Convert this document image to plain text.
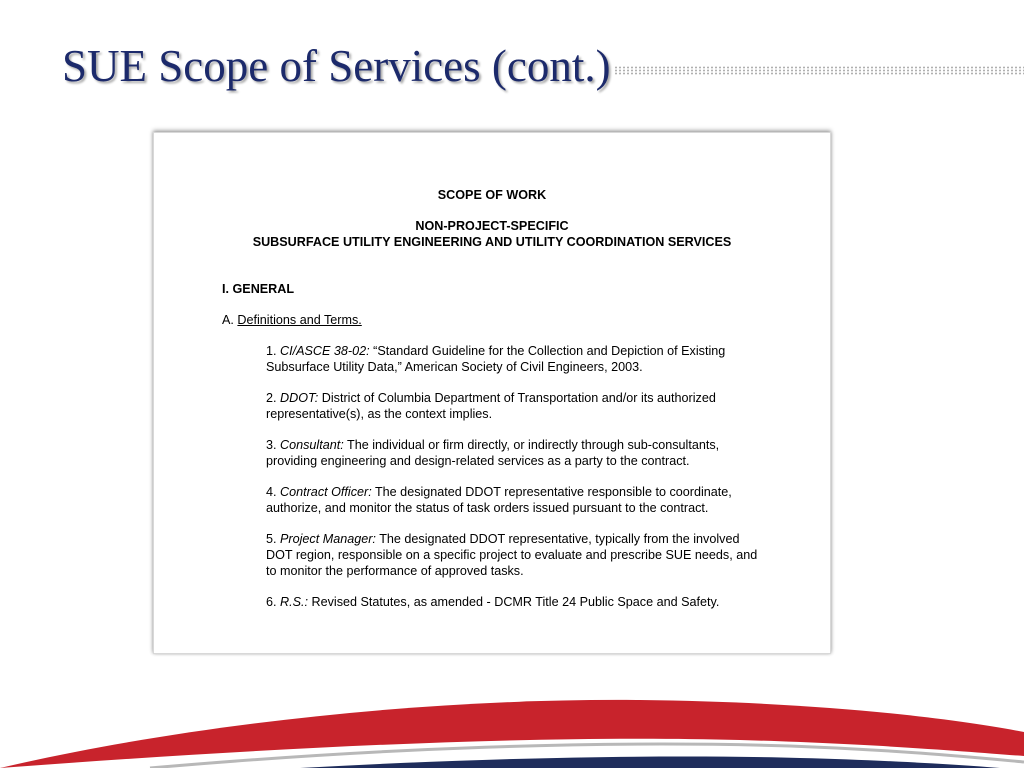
SUE Scope of Services (cont.)
SCOPE OF WORK
NON-PROJECT-SPECIFIC
SUBSURFACE UTILITY ENGINEERING AND UTILITY COORDINATION SERVICES
I. GENERAL
A. Definitions and Terms.
1. CI/ASCE 38-02: “Standard Guideline for the Collection and Depiction of Existing Subsurface Utility Data,” American Society of Civil Engineers, 2003.
2. DDOT: District of Columbia Department of Transportation and/or its authorized representative(s), as the context implies.
3. Consultant: The individual or firm directly, or indirectly through sub-consultants, providing engineering and design-related services as a party to the contract.
4. Contract Officer: The designated DDOT representative responsible to coordinate, authorize, and monitor the status of task orders issued pursuant to the contract.
5. Project Manager: The designated DDOT representative, typically from the involved DOT region, responsible on a specific project to evaluate and prescribe SUE needs, and to monitor the performance of approved tasks.
6. R.S.: Revised Statutes, as amended - DCMR Title 24 Public Space and Safety.
